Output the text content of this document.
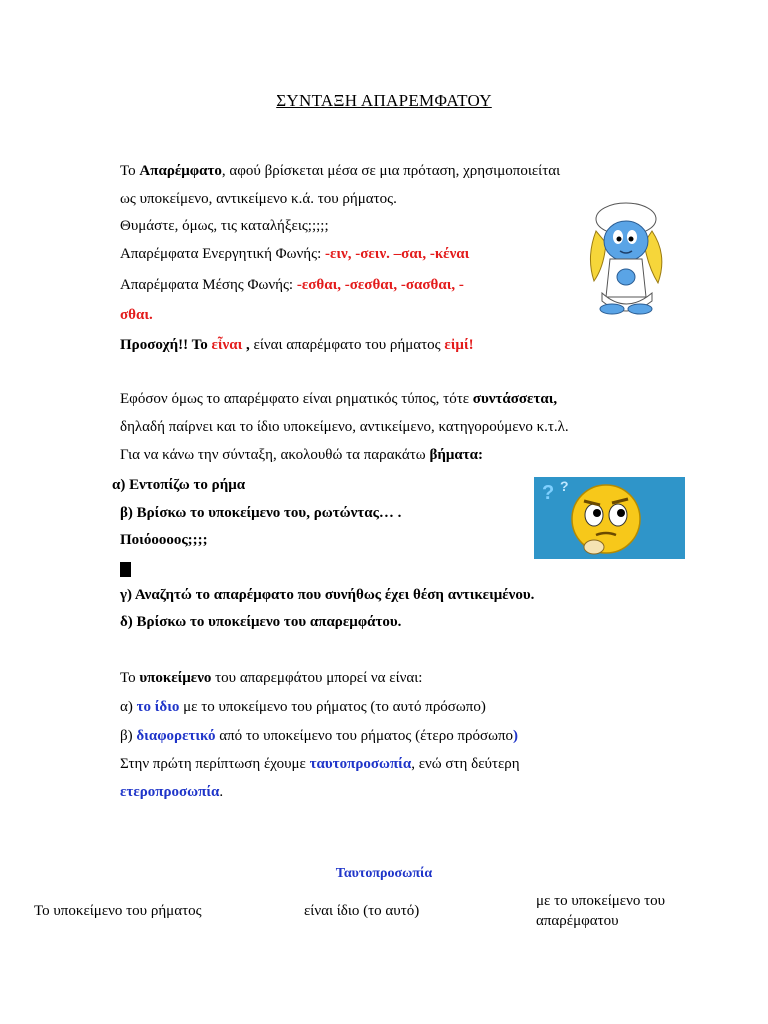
ΣΥΝΤΑΞΗ ΑΠΑΡΕΜΦΑΤΟΥ
Το Απαρέμφατο, αφού βρίσκεται μέσα σε μια πρόταση, χρησιμοποιείται
ως υποκείμενο, αντικείμενο κ.ά. του ρήματος.
Θυμάστε, όμως, τις καταλήξεις;;;;;
Απαρέμφατα Ενεργητική Φωνής: -ειν, -σειν. –σαι, -κέναι
Απαρέμφατα Μέσης Φωνής: -εσθαι, -σεσθαι, -σασθαι, -
σθαι.
Προσοχή!! Το εἶναι , είναι απαρέμφατο του ρήματος εἰμί!
Εφόσον όμως το απαρέμφατο είναι ρηματικός τύπος, τότε συντάσσεται,
δηλαδή παίρνει και το ίδιο υποκείμενο, αντικείμενο, κατηγορούμενο κ.τ.λ.
Για να κάνω την σύνταξη, ακολουθώ τα παρακάτω βήματα:
α) Εντοπίζω το ρήμα
β) Βρίσκω το υποκείμενο του, ρωτώντας… .
Ποιόοοοος;;;;
γ) Αναζητώ το απαρέμφατο που συνήθως έχει θέση αντικειμένου.
δ) Βρίσκω το υποκείμενο του απαρεμφάτου.
? ?
Το υποκείμενο του απαρεμφάτου μπορεί να είναι:
α) το ίδιο με το υποκείμενο του ρήματος (το αυτό πρόσωπο)
β) διαφορετικό από το υποκείμενο του ρήματος (έτερο πρόσωπο)
Στην πρώτη περίπτωση έχουμε ταυτοπροσωπία, ενώ στη δεύτερη
ετεροπροσωπία.
Ταυτοπροσωπία
Το υποκείμενο του ρήματος	είναι ίδιο (το αυτό)
με το υποκείμενο του
απαρέμφατου
